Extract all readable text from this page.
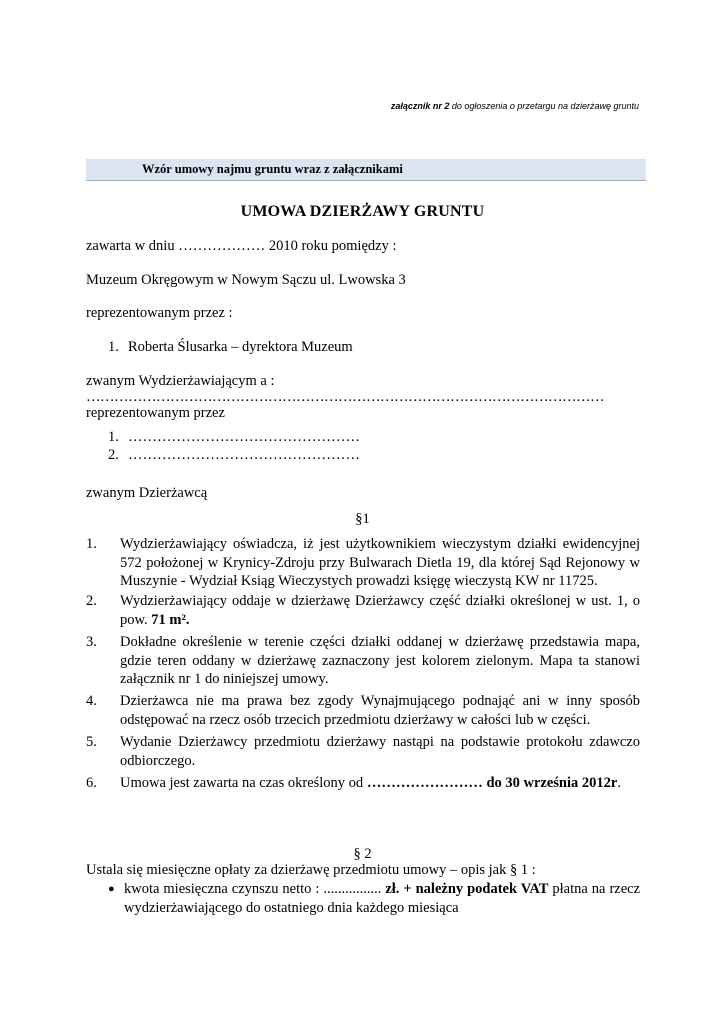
załącznik nr 2 do ogłoszenia o przetargu na dzierżawę gruntu
Wzór umowy najmu gruntu wraz z załącznikami
UMOWA DZIERŻAWY GRUNTU
zawarta w dniu ……………… 2010 roku pomiędzy :
Muzeum Okręgowym w Nowym Sączu ul. Lwowska 3
reprezentowanym przez :
1. Roberta Ślusarka – dyrektora Muzeum
zwanym Wydzierżawiającym a :
…………………………………………………………………………………………………
reprezentowanym przez
1. …………………………………………
2. …………………………………………
zwanym Dzierżawcą
§1
1. Wydzierżawiający oświadcza, iż jest użytkownikiem wieczystym działki ewidencyjnej 572 położonej w Krynicy-Zdroju przy Bulwarach Dietla 19, dla której Sąd Rejonowy w Muszynie - Wydział Ksiąg Wieczystych prowadzi księgę wieczystą KW nr 11725.
2. Wydzierżawiający oddaje w dzierżawę Dzierżawcy część działki określonej w ust. 1, o pow. 71 m².
3. Dokładne określenie w terenie części działki oddanej w dzierżawę przedstawia mapa, gdzie teren oddany w dzierżawę zaznaczony jest kolorem zielonym. Mapa ta stanowi załącznik nr 1 do niniejszej umowy.
4. Dzierżawca nie ma prawa bez zgody Wynajmującego podnająć ani w inny sposób odstępować na rzecz osób trzecich przedmiotu dzierżawy w całości lub w części.
5. Wydanie Dzierżawcy przedmiotu dzierżawy nastąpi na podstawie protokołu zdawczo odbiorczego.
6. Umowa jest zawarta na czas określony od …………………… do 30 września 2012r.
§ 2
Ustala się miesięczne opłaty za dzierżawę przedmiotu umowy – opis jak § 1 :
● kwota miesięczna czynszu netto : ................ zł. + należny podatek VAT płatna na rzecz wydzierżawiającego do ostatniego dnia każdego miesiąca
